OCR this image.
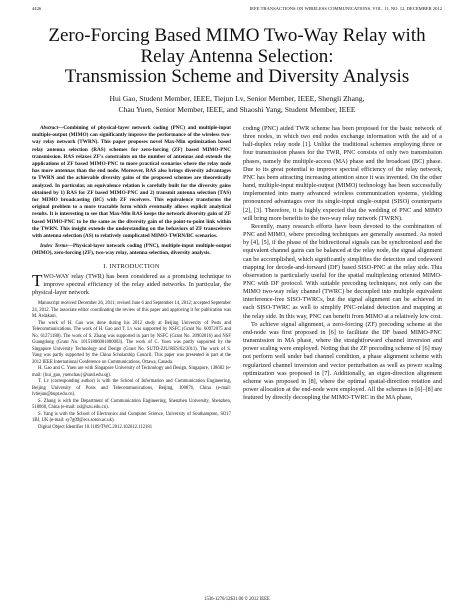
4426	IEEE TRANSACTIONS ON WIRELESS COMMUNICATIONS, VOL. 11, NO. 12, DECEMBER 2012
Zero-Forcing Based MIMO Two-Way Relay with
Relay Antenna Selection:
Transmission Scheme and Diversity Analysis
Hui Gao, Student Member, IEEE, Tiejun Lv, Senior Member, IEEE, Shengli Zhang,
Chau Yuen, Senior Member, IEEE, and Shaoshi Yang, Student Member, IEEE

Abstract—Combining of physical-layer network coding (PNC) and multiple-input multiple-output (MIMO) can significantly improve the performance of the wireless two-way relay network (TWRN). This paper proposes novel Max-Min optimization based relay antenna selection (RAS) schemes for zero-forcing (ZF) based MIMO-PNC transmission. RAS relaxes ZF's constraints on the number of antennas and extends the applications of ZF based MIMO-PNC to more practical scenarios where the relay node has more antennas than the end node. Moreover, RAS also brings diversity advantages to TWRN and the achievable diversity gains of the proposed schemes are theoretically analyzed. In particular, an equivalence relation is carefully built for the diversity gains obtained by 1) RAS for ZF based MIMO-PNC and 2) transmit antenna selection (TAS) for MIMO broadcasting (BC) with ZF receivers. This equivalence transforms the original problem to a more tractable form which eventually allows explicit analytical results. It is interesting to see that Max-Min RAS keeps the network diversity gain of ZF based MIMO-PNC to be the same as the diversity gain of the point-to-point link within the TWRN. This insight extends the understanding on the behaviors of ZF transceivers with antenna selection (AS) to relatively complicated MIMO-TWRN/BC scenarios.

Index Terms—Physical-layer network coding (PNC), multiple-input multiple-output (MIMO), zero-forcing (ZF), two-way relay, antenna selection, diversity analysis.

I. INTRODUCTION

TWO-WAY relay (TWR) has been considered as a promising technique to improve spectral efficiency of the relay aided networks. In particular, the physical-layer network

Manuscript received December 26, 2011; revised June 6 and September 14, 2012; accepted September 24, 2012. The associate editor coordinating the review of this paper and approving it for publication was M. Ardakani.

The work of H. Gao was done during his 2012 study at Beijing University of Posts and Telecommunications. The work of H. Gao and T. Lv was supported by NSFC (Grant No. 60972075 and No. 61271188). The work of S. Zhang was supported in part by NSFC (Grant No. 20902016) and NSF Guangdong (Grant No. 10151806001000003). The work of C. Yuen was partly supported by the Singapore University Technology and Design (Grant No. SUTD-ZJU/RES/02/2011). The work of S. Yang was partly supported by the China Scholarship Council. This paper was presented in part at the 2012 IEEE International Conference on Communications, Ottawa, Canada.

H. Gao and C. Yuen are with Singapore University of Technology and Design, Singapore, 138682 (e-mail: {hui_gao, yuenchau}@sutd.edu.sg).

T. Lv (corresponding author) is with the School of Information and Communication Engineering, Beijing University of Posts and Telecommunications, Beijing, 100876, China (e-mail: lvtiejun@bupt.edu.cn).

S. Zhang is with the Department of Communication Engineering, Shenzhen University, Shenzhen, 518060, China (e-mail: zsl@szu.edu.cn).

S. Yang is with the School of Electronics and Computer Science, University of Southampton, SO17 1BJ, UK (e-mail: sy7g09@ecs.soton.ac.uk).

Digital Object Identifier 10.1109/TWC.2012.102612.112181

coding (PNC) aided TWR scheme has been proposed for the basic network of three nodes, in which two end nodes exchange information with the aid of a half-duplex relay node [1]. Unlike the traditional schemes employing three or four transmission phases for the TWR, PNC consists of only two transmission phases, namely the multiple-access (MA) phase and the broadcast (BC) phase. Due to its great potential to improve spectral efficiency of the relay network, PNC has been attracting increasing attention since it was invented. On the other hand, multiple-input multiple-output (MIMO) technology has been successfully implemented into many advanced wireless communication systems, yielding pronounced advantages over its single-input single-output (SISO) counterparts [2], [3]. Therefore, it is highly expected that the wedding of PNC and MIMO will bring more benefits to the two-way relay network (TWRN).

Recently, many research efforts have been devoted to the combination of PNC and MIMO, where precoding techniques are generally assumed. As noted by [4], [5], if the phase of the bidirectional signals can be synchronized and the equivalent channel gains can be balanced at the relay node, the signal alignment can be accomplished, which significantly simplifies the detection and codeword mapping for decode-and-forward (DF) based SISO-PNC at the relay side. This observation is particularly useful for the spatial multiplexing oriented MIMO-PNC with DF protocol. With suitable precoding techniques, not only can the MIMO two-way relay channel (TWRC) be decoupled into multiple equivalent interference-free SISO-TWRCs, but the signal alignment can be achieved in each SISO-TWRC as well to simplify PNC-related detection and mapping at the relay side. In this way, PNC can benefit from MIMO at a relatively low cost.

To achieve signal alignment, a zero-forcing (ZF) precoding scheme at the end-node was first proposed in [6] to facilitate the DF based MIMO-PNC transmission in MA phase, where the straightforward channel inversion and power scaling were employed. Noting that the ZF precoding scheme of [6] may not perform well under bad channel condition, a phase alignment scheme with regularized channel inversion and vector perturbation as well as power scaling optimization was proposed in [7]. Additionally, an eigen-direction alignment scheme was proposed in [8], where the optimal spatial-direction rotation and power allocation at the end-node were employed. All the schemes in [6]–[8] are featured by directly decoupling the MIMO-TWRC in the MA phase,

1536-1276/12$31.00 © 2012 IEEE
